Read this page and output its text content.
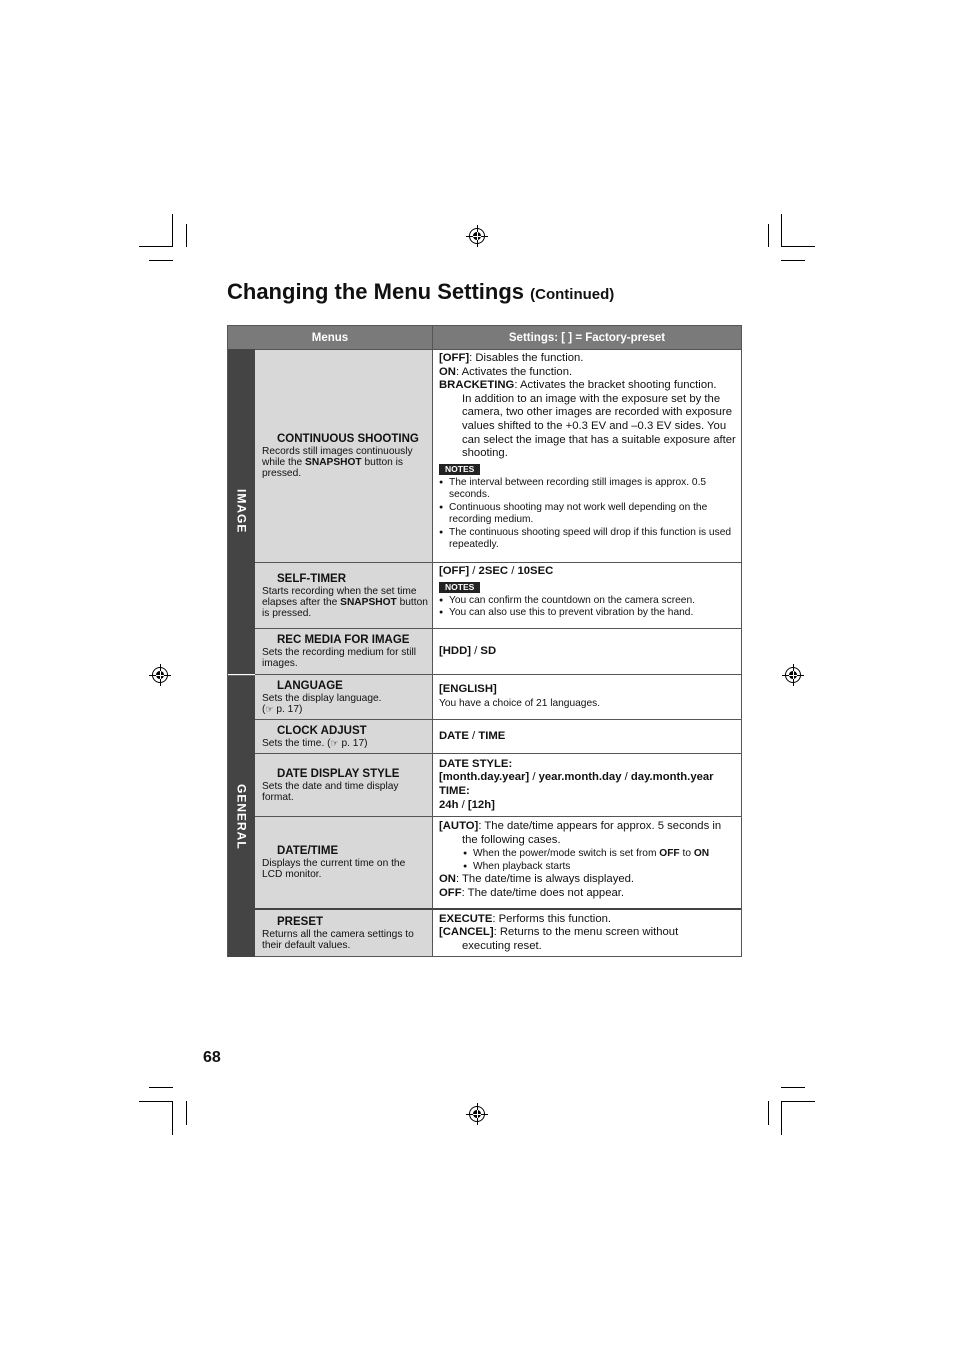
Changing the Menu Settings (Continued)
Menus	Settings: [ ] = Factory-preset
IMAGE
GENERAL
CONTINUOUS SHOOTING
Records still images continuously while the SNAPSHOT button is pressed.
[OFF]: Disables the function.
ON: Activates the function.
BRACKETING: Activates the bracket shooting function.
In addition to an image with the exposure set by the camera, two other images are recorded with exposure values shifted to the +0.3 EV and –0.3 EV sides. You can select the image that has a suitable exposure after shooting.
NOTES
● The interval between recording still images is approx. 0.5 seconds.
● Continuous shooting may not work well depending on the recording medium.
● The continuous shooting speed will drop if this function is used repeatedly.
SELF-TIMER
Starts recording when the set time elapses after the SNAPSHOT button is pressed.
[OFF] / 2SEC / 10SEC
NOTES
● You can confirm the countdown on the camera screen.
● You can also use this to prevent vibration by the hand.
REC MEDIA FOR IMAGE
Sets the recording medium for still images.
[HDD] / SD
LANGUAGE
Sets the display language.
(☞ p. 17)
[ENGLISH]
You have a choice of 21 languages.
CLOCK ADJUST
Sets the time. (☞ p. 17)
DATE / TIME
DATE DISPLAY STYLE
Sets the date and time display format.
DATE STYLE:
[month.day.year] / year.month.day / day.month.year
TIME:
24h / [12h]
DATE/TIME
Displays the current time on the LCD monitor.
[AUTO]: The date/time appears for approx. 5 seconds in
the following cases.
● When the power/mode switch is set from OFF to ON
● When playback starts
ON: The date/time is always displayed.
OFF: The date/time does not appear.
PRESET
Returns all the camera settings to their default values.
EXECUTE: Performs this function.
[CANCEL]: Returns to the menu screen without
executing reset.
68
